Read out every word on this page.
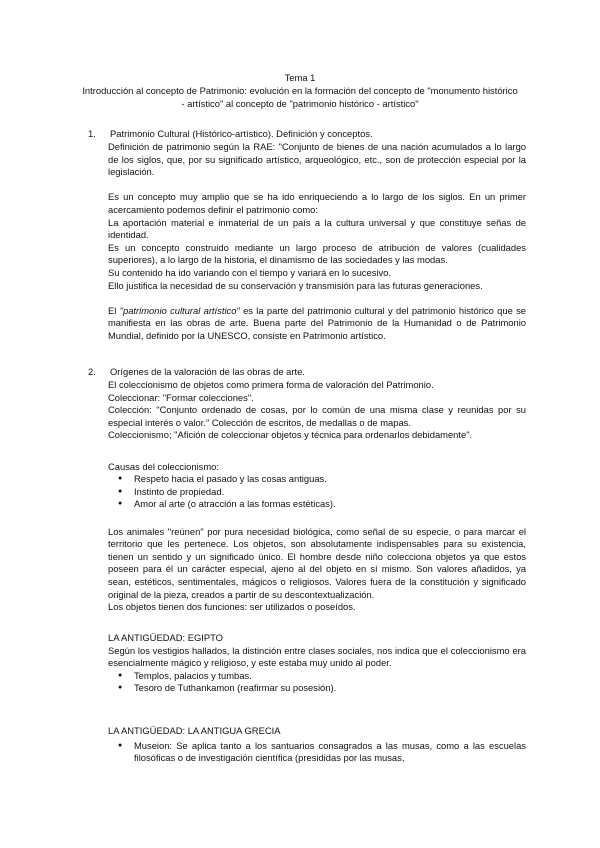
Tema 1
Introducción al concepto de Patrimonio: evolución en la formación del concepto de "monumento histórico - artístico" al concepto de "patrimonio histórico - artístico"
1. Patrimonio Cultural (Histórico-artístico). Definición y conceptos.

Definición de patrimonio según la RAE: "Conjunto de bienes de una nación acumulados a lo largo de los siglos, que, por su significado artístico, arqueológico, etc., son de protección especial por la legislación.

Es un concepto muy amplio que se ha ido enriqueciendo a lo largo de los siglos. En un primer acercamiento podemos definir el patrimonio como:

La aportación material e inmaterial de un país a la cultura universal y que constituye señas de identidad.

Es un concepto construido mediante un largo proceso de atribución de valores (cualidades superiores), a lo largo de la historia, el dinamismo de las sociedades y las modas.

Su contenido ha ido variando con el tiempo y variará en lo sucesivo.

Ello justifica la necesidad de su conservación y transmisión para las futuras generaciones.

El "patrimonio cultural artístico" es la parte del patrimonio cultural y del patrimonio histórico que se manifiesta en las obras de arte. Buena parte del Patrimonio de la Humanidad o de Patrimonio Mundial, definido por la UNESCO, consiste en Patrimonio artístico.

2. Orígenes de la valoración de las obras de arte.

El coleccionismo de objetos como primera forma de valoración del Patrimonio.

Coleccionar: "Formar colecciones".

Colección: "Conjunto ordenado de cosas, por lo común de una misma clase y reunidas por su especial interés o valor." Colección de escritos, de medallas o de mapas.

Coleccionismo; "Afición de coleccionar objetos y técnica para ordenarlos debidamente".

Causas del coleccionismo:

● Respeto hacia el pasado y las cosas antiguas.
● Instinto de propiedad.
● Amor al arte (o atracción a las formas estéticas).

Los animales "reúnen" por pura necesidad biológica, como señal de su especie, o para marcar el territorio que les pertenece. Los objetos, son absolutamente indispensables para su existencia, tienen un sentido y un significado único. El hombre desde niño colecciona objetos ya que estos poseen para él un carácter especial, ajeno al del objeto en sí mismo. Son valores añadidos, ya sean, estéticos, sentimentales, mágicos o religiosos. Valores fuera de la constitución y significado original de la pieza, creados a partir de su descontextualización.

Los objetos tienen dos funciones: ser utilizados o poseídos.

LA ANTIGÜEDAD: EGIPTO

Según los vestigios hallados, la distinción entre clases sociales, nos indica que el coleccionismo era esencialmente mágico y religioso, y este estaba muy unido al poder.

● Templos, palacios y tumbas.
● Tesoro de Tuthankamon (reafirmar su posesión).

LA ANTIGÜEDAD: LA ANTIGUA GRECIA

● Museion: Se aplica tanto a los santuarios consagrados a las musas, como a las escuelas filosóficas o de investigación científica (presididas por las musas,
